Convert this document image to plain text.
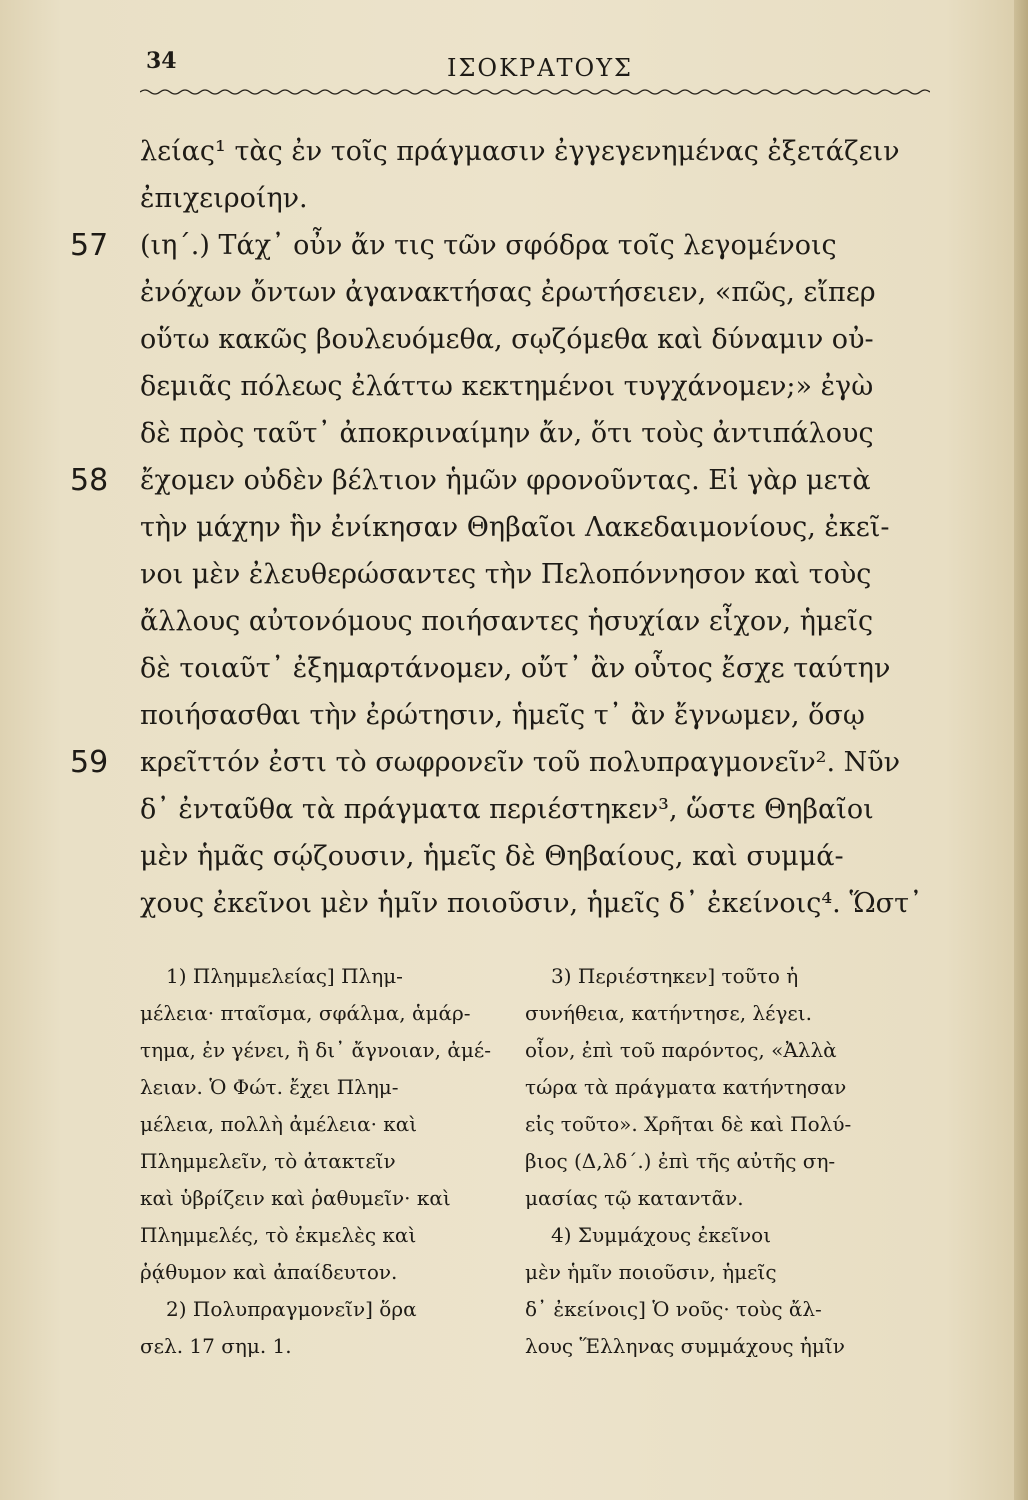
34	ΙΣΟΚΡΑΤΟΥΣ
λείας¹ τὰς ἐν τοῖς πράγμασιν ἐγγεγενημένας ἐξετάζειν
ἐπιχειροίην.
57 (ιη΄.) Τάχ᾽ οὖν ἄν τις τῶν σφόδρα τοῖς λεγομένοις
ἐνόχων ὄντων ἀγανακτήσας ἐρωτήσειεν, «πῶς, εἴπερ
οὕτω κακῶς βουλευόμεθα, σῳζόμεθα καὶ δύναμιν οὐ-
δεμιᾶς πόλεως ἐλάττω κεκτημένοι τυγχάνομεν;» ἐγὼ
δὲ πρὸς ταῦτ᾽ ἀποκριναίμην ἄν, ὅτι τοὺς ἀντιπάλους
58 ἔχομεν οὐδὲν βέλτιον ἡμῶν φρονοῦντας. Εἰ γὰρ μετὰ
τὴν μάχην ἣν ἐνίκησαν Θηβαῖοι Λακεδαιμονίους, ἐκεῖ-
νοι μὲν ἐλευθερώσαντες τὴν Πελοπόννησον καὶ τοὺς
ἄλλους αὐτονόμους ποιήσαντες ἡσυχίαν εἶχον, ἡμεῖς
δὲ τοιαῦτ᾽ ἐξημαρτάνομεν, οὔτ᾽ ἂν οὗτος ἔσχε ταύτην
ποιήσασθαι τὴν ἐρώτησιν, ἡμεῖς τ᾽ ἂν ἔγνωμεν, ὅσῳ
59 κρεῖττόν ἐστι τὸ σωφρονεῖν τοῦ πολυπραγμονεῖν². Νῦν
δ᾽ ἐνταῦθα τὰ πράγματα περιέστηκεν³, ὥστε Θηβαῖοι
μὲν ἡμᾶς σῴζουσιν, ἡμεῖς δὲ Θηβαίους, καὶ συμμά-
χους ἐκεῖνοι μὲν ἡμῖν ποιοῦσιν, ἡμεῖς δ᾽ ἐκείνοις⁴. Ὥστ᾽
1) Πλημμελείας] Πλημ-
μέλεια· πταῖσμα, σφάλμα, ἁμάρ-
τημα, ἐν γένει, ἢ δι᾽ ἄγνοιαν, ἀμέ-
λειαν. Ὁ Φώτ. ἔχει Πλημ-
μέλεια, πολλὴ ἀμέλεια· καὶ
Πλημμελεῖν, τὸ ἀτακτεῖν
καὶ ὑβρίζειν καὶ ῥαθυμεῖν· καὶ
Πλημμελές, τὸ ἐκμελὲς καὶ
ῥᾴθυμον καὶ ἀπαίδευτον.
2) Πολυπραγμονεῖν] ὅρα
σελ. 17 σημ. 1.
3) Περιέστηκεν] τοῦτο ἡ
συνήθεια, κατήντησε, λέγει.
οἷον, ἐπὶ τοῦ παρόντος, «Ἀλλὰ
τώρα τὰ πράγματα κατήντησαν
εἰς τοῦτο». Χρῆται δὲ καὶ Πολύ-
βιος (Δ,λδ΄.) ἐπὶ τῆς αὐτῆς ση-
μασίας τῷ καταντᾶν.
4) Συμμάχους ἐκεῖνοι
μὲν ἡμῖν ποιοῦσιν, ἡμεῖς
δ᾽ ἐκείνοις] Ὁ νοῦς· τοὺς ἄλ-
λους Ἕλληνας συμμάχους ἡμῖν
